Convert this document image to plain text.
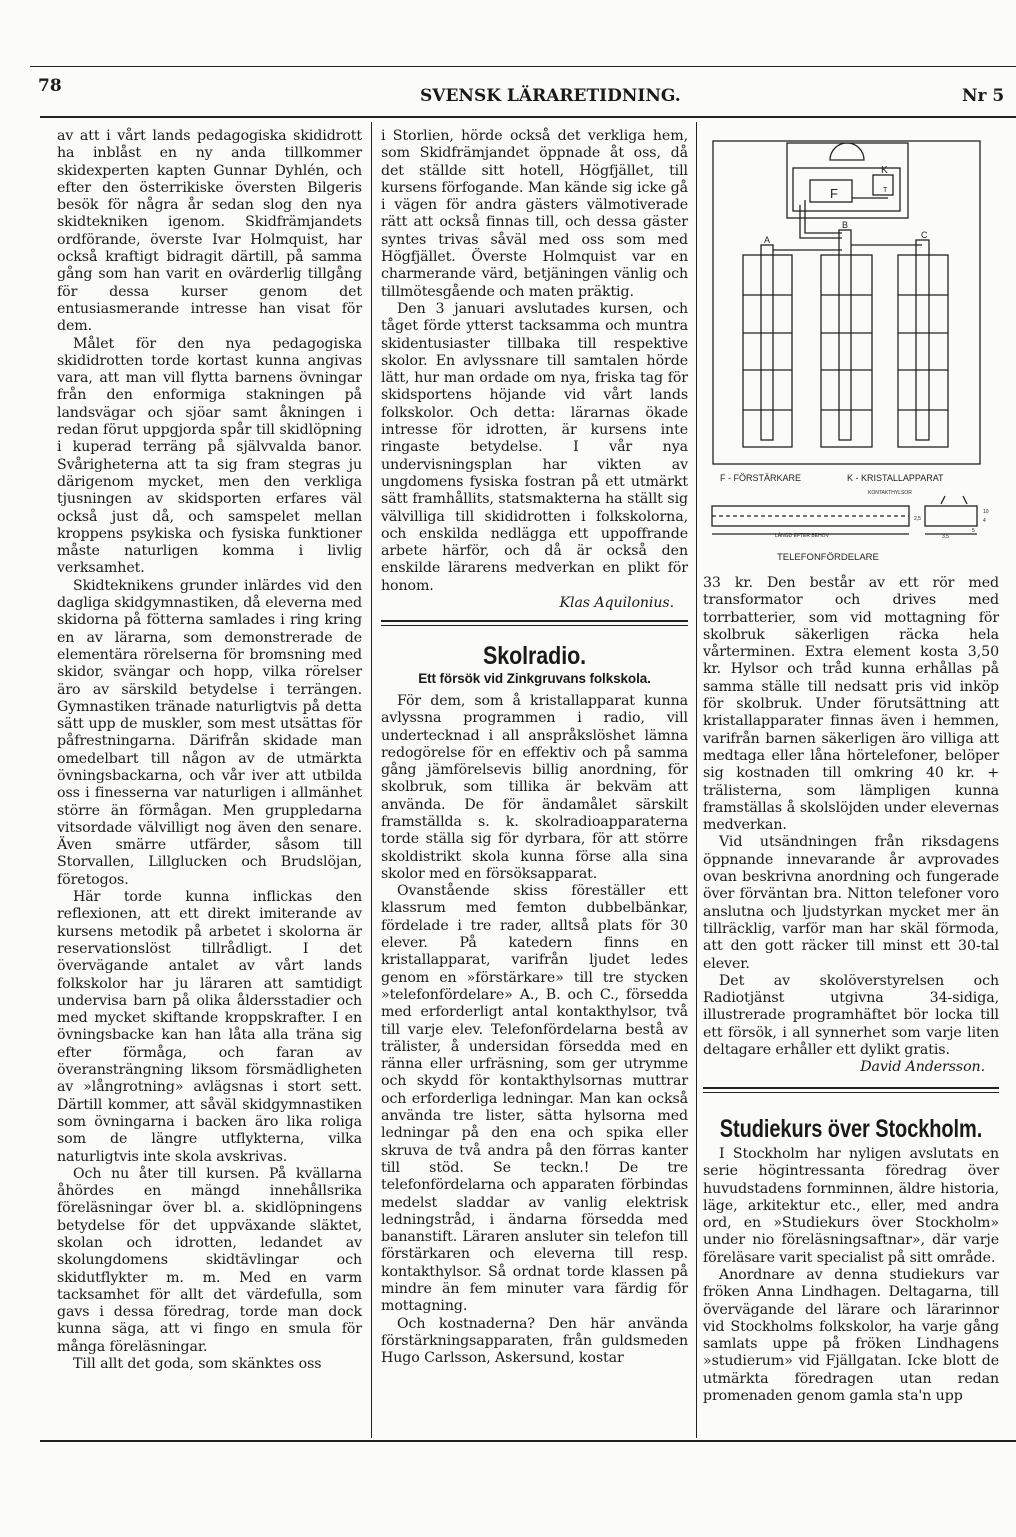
78	SVENSK LÄRARETIDNING.	Nr 5

av att i vårt lands pedagogiska skididrott ha inblåst en ny anda tillkommer skidexperten kapten Gunnar Dyhlén, och efter den österrikiske översten Bilgeris besök för några år sedan slog den nya skidtekniken igenom. Skidfrämjandets ordförande, överste Ivar Holmquist, har också kraftigt bidragit därtill, på samma gång som han varit en ovärderlig tillgång för dessa kurser genom det entusiasmerande intresse han visat för dem.

Målet för den nya pedagogiska skididrotten torde kortast kunna angivas vara, att man vill flytta barnens övningar från den enformiga stakningen på landsvägar och sjöar samt åkningen i redan förut uppgjorda spår till skidlöpning i kuperad terräng på självvalda banor. Svårigheterna att ta sig fram stegras ju därigenom mycket, men den verkliga tjusningen av skidsporten erfares väl också just då, och samspelet mellan kroppens psykiska och fysiska funktioner måste naturligen komma i livlig verksamhet.

Skidteknikens grunder inlärdes vid den dagliga skidgymnastiken, då eleverna med skidorna på fötterna samlades i ring kring en av lärarna, som demonstrerade de elementära rörelserna för bromsning med skidor, svängar och hopp, vilka rörelser äro av särskild betydelse i terrängen. Gymnastiken tränade naturligtvis på detta sätt upp de muskler, som mest utsättas för påfrestningarna. Därifrån skidade man omedelbart till någon av de utmärkta övningsbackarna, och vår iver att utbilda oss i finesserna var naturligen i allmänhet större än förmågan. Men gruppledarna vitsordade välvilligt nog även den senare. Även smärre utfärder, såsom till Storvallen, Lillglucken och Brudslöjan, företogos.

Här torde kunna inflickas den reflexionen, att ett direkt imiterande av kursens metodik på arbetet i skolorna är reservationslöst tillrådligt. I det övervägande antalet av vårt lands folkskolor har ju läraren att samtidigt undervisa barn på olika åldersstadier och med mycket skiftande kroppskrafter. I en övningsbacke kan han låta alla träna sig efter förmåga, och faran av överansträngning liksom försmädligheten av »långrotning» avlägsnas i stort sett. Därtill kommer, att såväl skidgymnastiken som övningarna i backen äro lika roliga som de längre utflykterna, vilka naturligtvis inte skola avskrivas.

Och nu åter till kursen. På kvällarna åhördes en mängd innehållsrika föreläsningar över bl. a. skidlöpningens betydelse för det uppväxande släktet, skolan och idrotten, ledandet av skolungdomens skidtävlingar och skidutflykter m. m. Med en varm tacksamhet för allt det värdefulla, som gavs i dessa föredrag, torde man dock kunna säga, att vi fingo en smula för många föreläsningar.

Till allt det goda, som skänktes oss

i Storlien, hörde också det verkliga hem, som Skidfrämjandet öppnade åt oss, då det ställde sitt hotell, Högfjället, till kursens förfogande. Man kände sig icke gå i vägen för andra gästers välmotiverade rätt att också finnas till, och dessa gäster syntes trivas såväl med oss som med Högfjället. Överste Holmquist var en charmerande värd, betjäningen vänlig och tillmötesgående och maten präktig.

Den 3 januari avslutades kursen, och tåget förde ytterst tacksamma och muntra skidentusiaster tillbaka till respektive skolor. En avlyssnare till samtalen hörde lätt, hur man ordade om nya, friska tag för skidsportens höjande vid vårt lands folkskolor. Och detta: lärarnas ökade intresse för idrotten, är kursens inte ringaste betydelse. I vår nya undervisningsplan har vikten av ungdomens fysiska fostran på ett utmärkt sätt framhållits, statsmakterna ha ställt sig välvilliga till skididrotten i folkskolorna, och enskilda nedlägga ett uppoffrande arbete härför, och då är också den enskilde lärarens medverkan en plikt för honom.

Klas Aquilonius.
Skolradio.
Ett försök vid Zinkgruvans folkskola.

För dem, som å kristallapparat kunna avlyssna programmen i radio, vill undertecknad i all anspråkslöshet lämna redogörelse för en effektiv och på samma gång jämförelsevis billig anordning, för skolbruk, som tillika är bekväm att använda. De för ändamålet särskilt framställda s. k. skolradioapparaterna torde ställa sig för dyrbara, för att större skoldistrikt skola kunna förse alla sina skolor med en försöksapparat.

Ovanstående skiss föreställer ett klassrum med femton dubbelbänkar, fördelade i tre rader, alltså plats för 30 elever. På katedern finns en kristallapparat, varifrån ljudet ledes genom en »förstärkare» till tre stycken »telefonfördelare» A., B. och C., försedda med erforderligt antal kontakthylsor, två till varje elev. Telefonfördelarna bestå av trälister, å undersidan försedda med en ränna eller urfräsning, som ger utrymme och skydd för kontakthylsornas muttrar och erforderliga ledningar. Man kan också använda tre lister, sätta hylsorna med ledningar på den ena och spika eller skruva de två andra på den förras kanter till stöd. Se teckn.! De tre telefonfördelarna och apparaten förbindas medelst sladdar av vanlig elektrisk ledningstråd, i ändarna försedda med bananstift. Läraren ansluter sin telefon till förstärkaren och eleverna till resp. kontakthylsor. Så ordnat torde klassen på mindre än fem minuter vara färdig för mottagning.

Och kostnaderna? Den här använda förstärkningsapparaten, från guldsmeden Hugo Carlsson, Askersund, kostar

F
K
T
A
B
C
F - FÖRSTÄRKARE	K - KRISTALLAPPARAT
KONTAKTHYLSOR
LÄNGD EFTER BEHOV
2,5
10
4
3,5
5
TELEFONFÖRDELARE

33 kr. Den består av ett rör med transformator och drives med torrbatterier, som vid mottagning för skolbruk säkerligen räcka hela vårterminen. Extra element kosta 3,50 kr. Hylsor och tråd kunna erhållas på samma ställe till nedsatt pris vid inköp för skolbruk. Under förutsättning att kristallapparater finnas även i hemmen, varifrån barnen säkerligen äro villiga att medtaga eller låna hörtelefoner, belöper sig kostnaden till omkring 40 kr. + trälisterna, som lämpligen kunna framställas å skolslöjden under elevernas medverkan.

Vid utsändningen från riksdagens öppnande innevarande år avprovades ovan beskrivna anordning och fungerade över förväntan bra. Nitton telefoner voro anslutna och ljudstyrkan mycket mer än tillräcklig, varför man har skäl förmoda, att den gott räcker till minst ett 30-tal elever.

Det av skolöverstyrelsen och Radiotjänst utgivna 34-sidiga, illustrerade programhäftet bör locka till ett försök, i all synnerhet som varje liten deltagare erhåller ett dylikt gratis.

David Andersson.
Studiekurs över Stockholm.

I Stockholm har nyligen avslutats en serie högintressanta föredrag över huvudstadens fornminnen, äldre historia, läge, arkitektur etc., eller, med andra ord, en »Studiekurs över Stockholm» under nio föreläsningsaftnar», där varje föreläsare varit specialist på sitt område.

Anordnare av denna studiekurs var fröken Anna Lindhagen. Deltagarna, till övervägande del lärare och lärarinnor vid Stockholms folkskolor, ha varje gång samlats uppe på fröken Lindhagens »studierum» vid Fjällgatan. Icke blott de utmärkta föredragen utan redan promenaden genom gamla sta'n upp
